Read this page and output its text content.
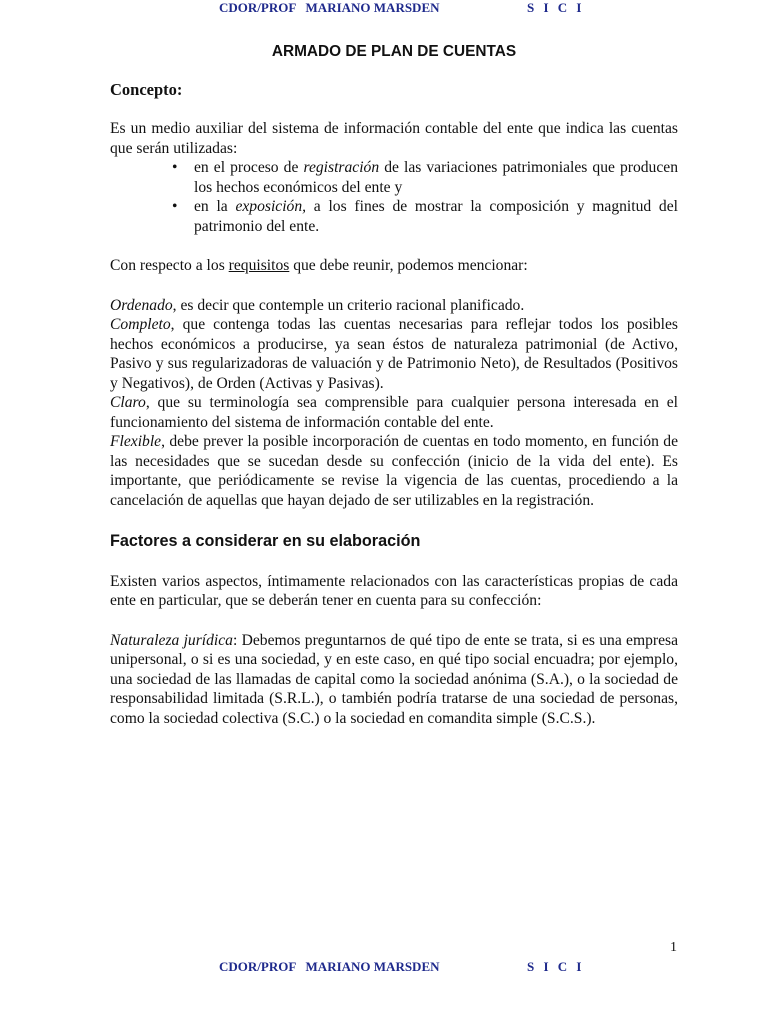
CDOR/PROF   MARIANO MARSDEN	S I C I
ARMADO DE PLAN DE CUENTAS
Concepto:

Es un medio auxiliar del sistema de información contable del ente que indica las cuentas que serán utilizadas:

• en el proceso de registración de las variaciones patrimoniales que producen los hechos económicos del ente y
• en la exposición, a los fines de mostrar la composición y magnitud del patrimonio del ente.

Con respecto a los requisitos que debe reunir, podemos mencionar:

Ordenado, es decir que contemple un criterio racional planificado.

Completo, que contenga todas las cuentas necesarias para reflejar todos los posibles hechos económicos a producirse, ya sean éstos de naturaleza patrimonial (de Activo, Pasivo y sus regularizadoras de valuación y de Patrimonio Neto), de Resultados (Positivos y Negativos), de Orden (Activas y Pasivas).

Claro, que su terminología sea comprensible para cualquier persona interesada en el funcionamiento del sistema de información contable del ente.

Flexible, debe prever la posible incorporación de cuentas en todo momento, en función de las necesidades que se sucedan desde su confección (inicio de la vida del ente). Es importante, que periódicamente se revise la vigencia de las cuentas, procediendo a la cancelación de aquellas que hayan dejado de ser utilizables en la registración.

Factores a considerar en su elaboración

Existen varios aspectos, íntimamente relacionados con las características propias de cada ente en particular, que se deberán tener en cuenta para su confección:

Naturaleza jurídica: Debemos preguntarnos de qué tipo de ente se trata, si es una empresa unipersonal, o si es una sociedad, y en este caso, en qué tipo social encuadra; por ejemplo, una sociedad de las llamadas de capital como la sociedad anónima (S.A.), o la sociedad de responsabilidad limitada (S.R.L.), o también podría tratarse de una sociedad de personas, como la sociedad colectiva (S.C.) o la sociedad en comandita simple (S.C.S.).

1
CDOR/PROF   MARIANO MARSDEN	S I C I
